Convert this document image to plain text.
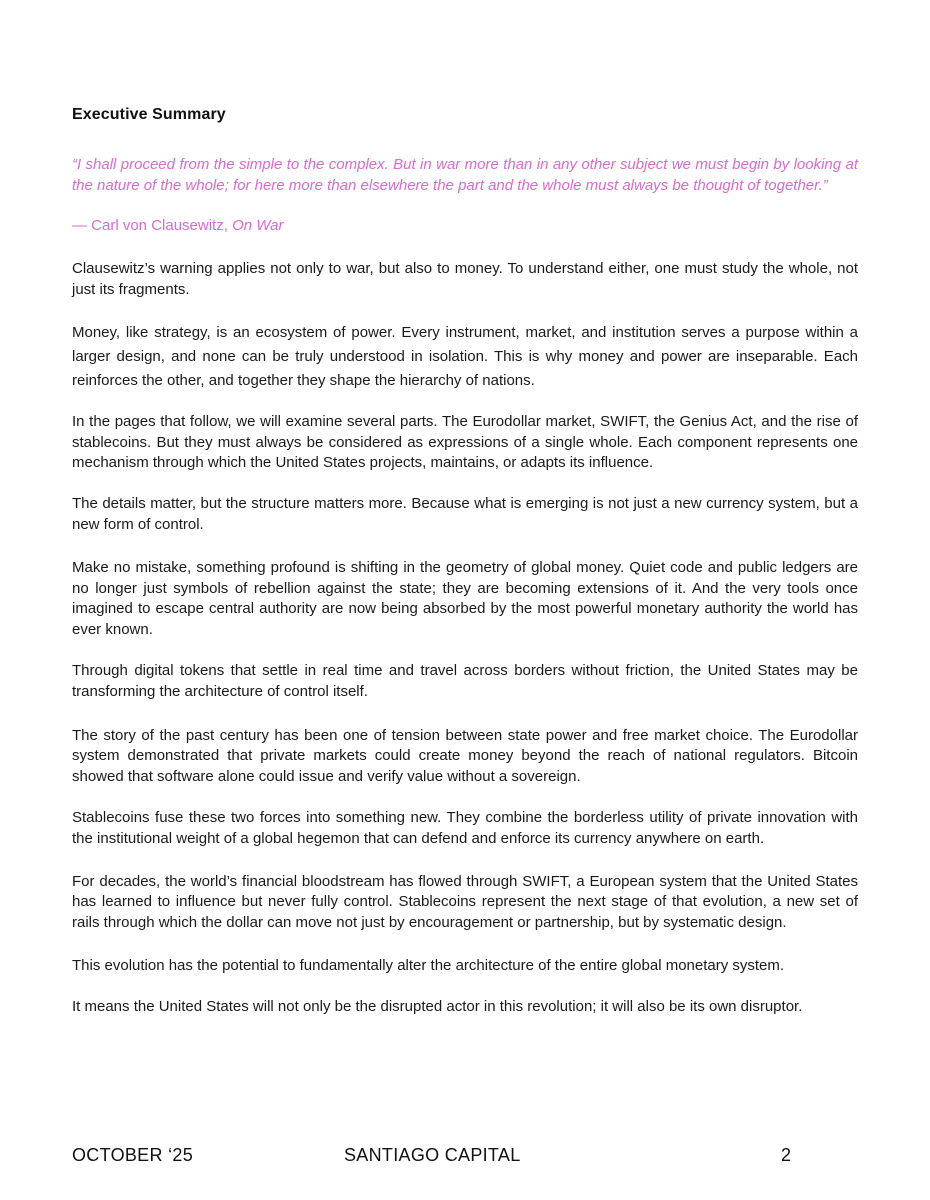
Executive Summary
“I shall proceed from the simple to the complex. But in war more than in any other subject we must begin by looking at the nature of the whole; for here more than elsewhere the part and the whole must always be thought of together.”
— Carl von Clausewitz, On War

Clausewitz’s warning applies not only to war, but also to money. To understand either, one must study the whole, not just its fragments.

Money, like strategy, is an ecosystem of power. Every instrument, market, and institution serves a purpose within a larger design, and none can be truly understood in isolation. This is why money and power are inseparable. Each reinforces the other, and together they shape the hierarchy of nations.

In the pages that follow, we will examine several parts. The Eurodollar market, SWIFT, the Genius Act, and the rise of stablecoins. But they must always be considered as expressions of a single whole. Each component represents one mechanism through which the United States projects, maintains, or adapts its influence.

The details matter, but the structure matters more. Because what is emerging is not just a new currency system, but a new form of control.

Make no mistake, something profound is shifting in the geometry of global money. Quiet code and public ledgers are no longer just symbols of rebellion against the state; they are becoming extensions of it. And the very tools once imagined to escape central authority are now being absorbed by the most powerful monetary authority the world has ever known.

Through digital tokens that settle in real time and travel across borders without friction, the United States may be transforming the architecture of control itself.

The story of the past century has been one of tension between state power and free market choice. The Eurodollar system demonstrated that private markets could create money beyond the reach of national regulators. Bitcoin showed that software alone could issue and verify value without a sovereign.

Stablecoins fuse these two forces into something new. They combine the borderless utility of private innovation with the institutional weight of a global hegemon that can defend and enforce its currency anywhere on earth.

For decades, the world’s financial bloodstream has flowed through SWIFT, a European system that the United States has learned to influence but never fully control. Stablecoins represent the next stage of that evolution, a new set of rails through which the dollar can move not just by encouragement or partnership, but by systematic design.

This evolution has the potential to fundamentally alter the architecture of the entire global monetary system.

It means the United States will not only be the disrupted actor in this revolution; it will also be its own disruptor.

OCTOBER ‘25	SANTIAGO CAPITAL	2
